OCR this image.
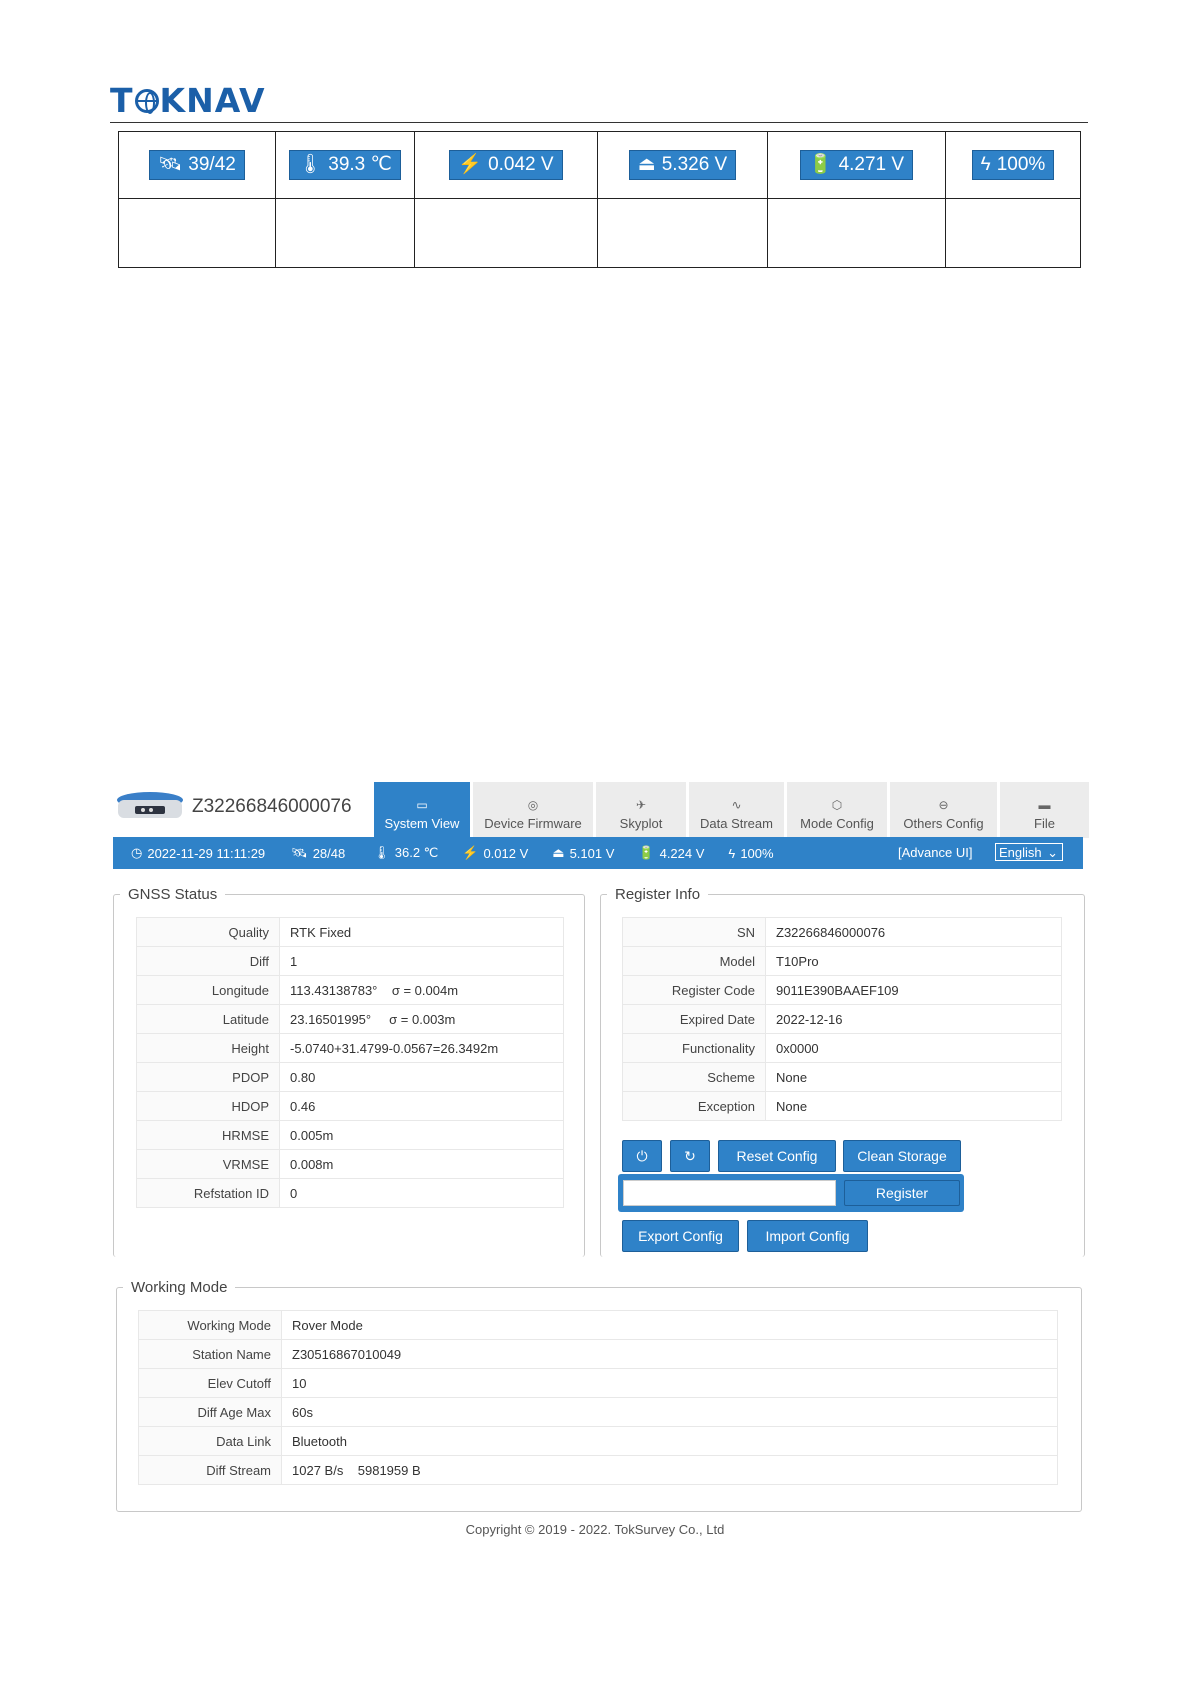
T KNAV
🛰 39/42	🌡 39.3 ℃	⚡ 0.042 V	⏏ 5.326 V	🔋 4.271 V	ϟ 100%

Z32266846000076	▭
System View
◎
Device Firmware
✈
Skyplot
∿
Data Stream
⬡
Mode Config
⊖
Others Config
▬
File
◷ 2022-11-29 11:11:29 🛰 28/48 🌡 36.2 ℃ ⚡ 0.012 V ⏏ 5.101 V 🔋 4.224 V ϟ 100%	[Advance UI]	English ⌄
GNSS Status
Quality	RTK Fixed
Diff	1
Longitude	113.43138783°    σ = 0.004m
Latitude	23.16501995°     σ = 0.003m
Height	-5.0740+31.4799-0.0567=26.3492m
PDOP	0.80
HDOP	0.46
HRMSE	0.005m
VRMSE	0.008m
Refstation ID	0
Register Info
SN	Z32266846000076
Model	T10Pro
Register Code	9011E390BAAEF109
Expired Date	2022-12-16
Functionality	0x0000
Scheme	None
Exception	None
⏻	↻	Reset Config	Clean Storage
Register
Export Config	Import Config
Working Mode
Working Mode	Rover Mode
Station Name	Z30516867010049
Elev Cutoff	10
Diff Age Max	60s
Data Link	Bluetooth
Diff Stream	1027 B/s    5981959 B
Copyright © 2019 - 2022. TokSurvey Co., Ltd
